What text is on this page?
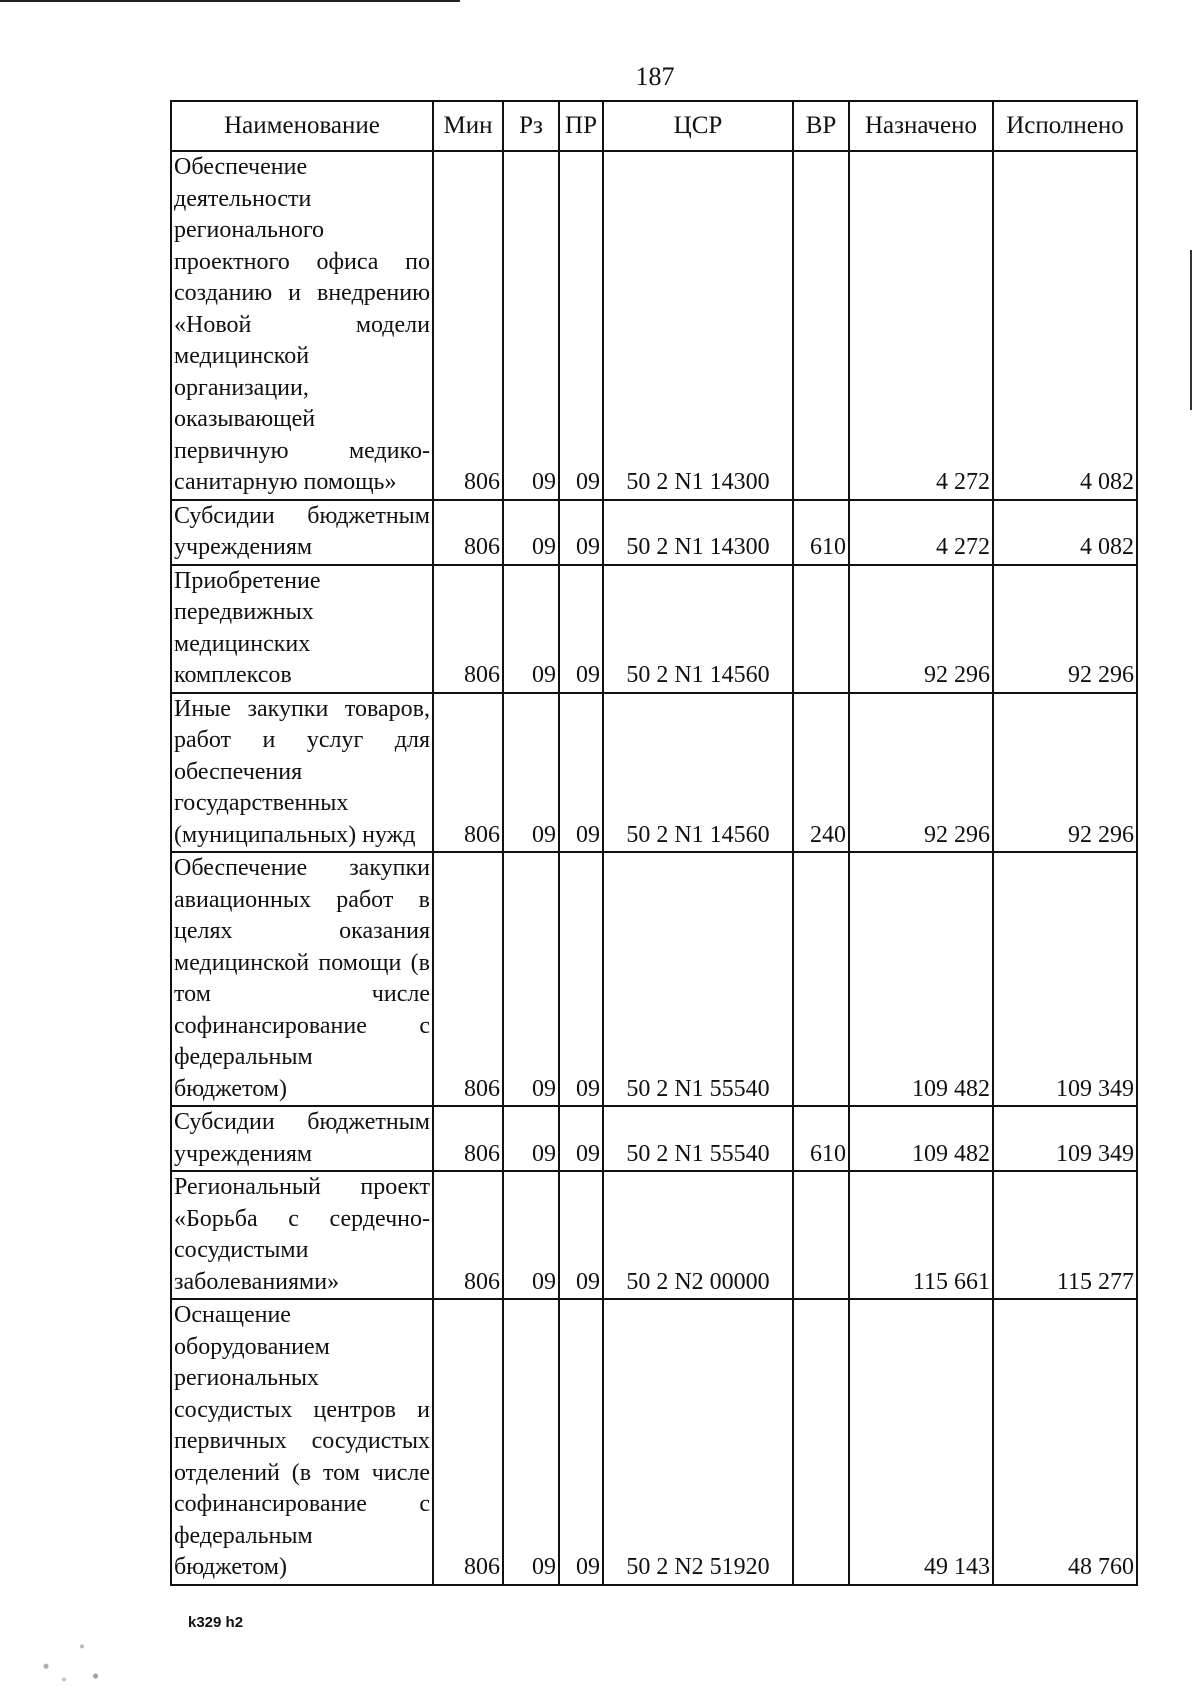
187
Наименование	Мин	Рз	ПР	ЦСР	ВР	Назначено	Исполнено
Обеспечение деятельности регионального проектного офиса по созданию и внедрению «Новой модели медицинской организации, оказывающей первичную медико-санитарную помощь»	806	09	09	50 2 N1 14300		4 272	4 082
Субсидии бюджетным учреждениям	806	09	09	50 2 N1 14300	610	4 272	4 082
Приобретение передвижных медицинских комплексов	806	09	09	50 2 N1 14560		92 296	92 296
Иные закупки товаров, работ и услуг для обеспечения государственных (муниципальных) нужд	806	09	09	50 2 N1 14560	240	92 296	92 296
Обеспечение закупки авиационных работ в целях оказания медицинской помощи (в том числе софинансирование с федеральным бюджетом)	806	09	09	50 2 N1 55540		109 482	109 349
Субсидии бюджетным учреждениям	806	09	09	50 2 N1 55540	610	109 482	109 349
Региональный проект «Борьба с сердечно-сосудистыми заболеваниями»	806	09	09	50 2 N2 00000		115 661	115 277
Оснащение оборудованием региональных сосудистых центров и первичных сосудистых отделений (в том числе софинансирование с федеральным бюджетом)	806	09	09	50 2 N2 51920		49 143	48 760
k329 h2
